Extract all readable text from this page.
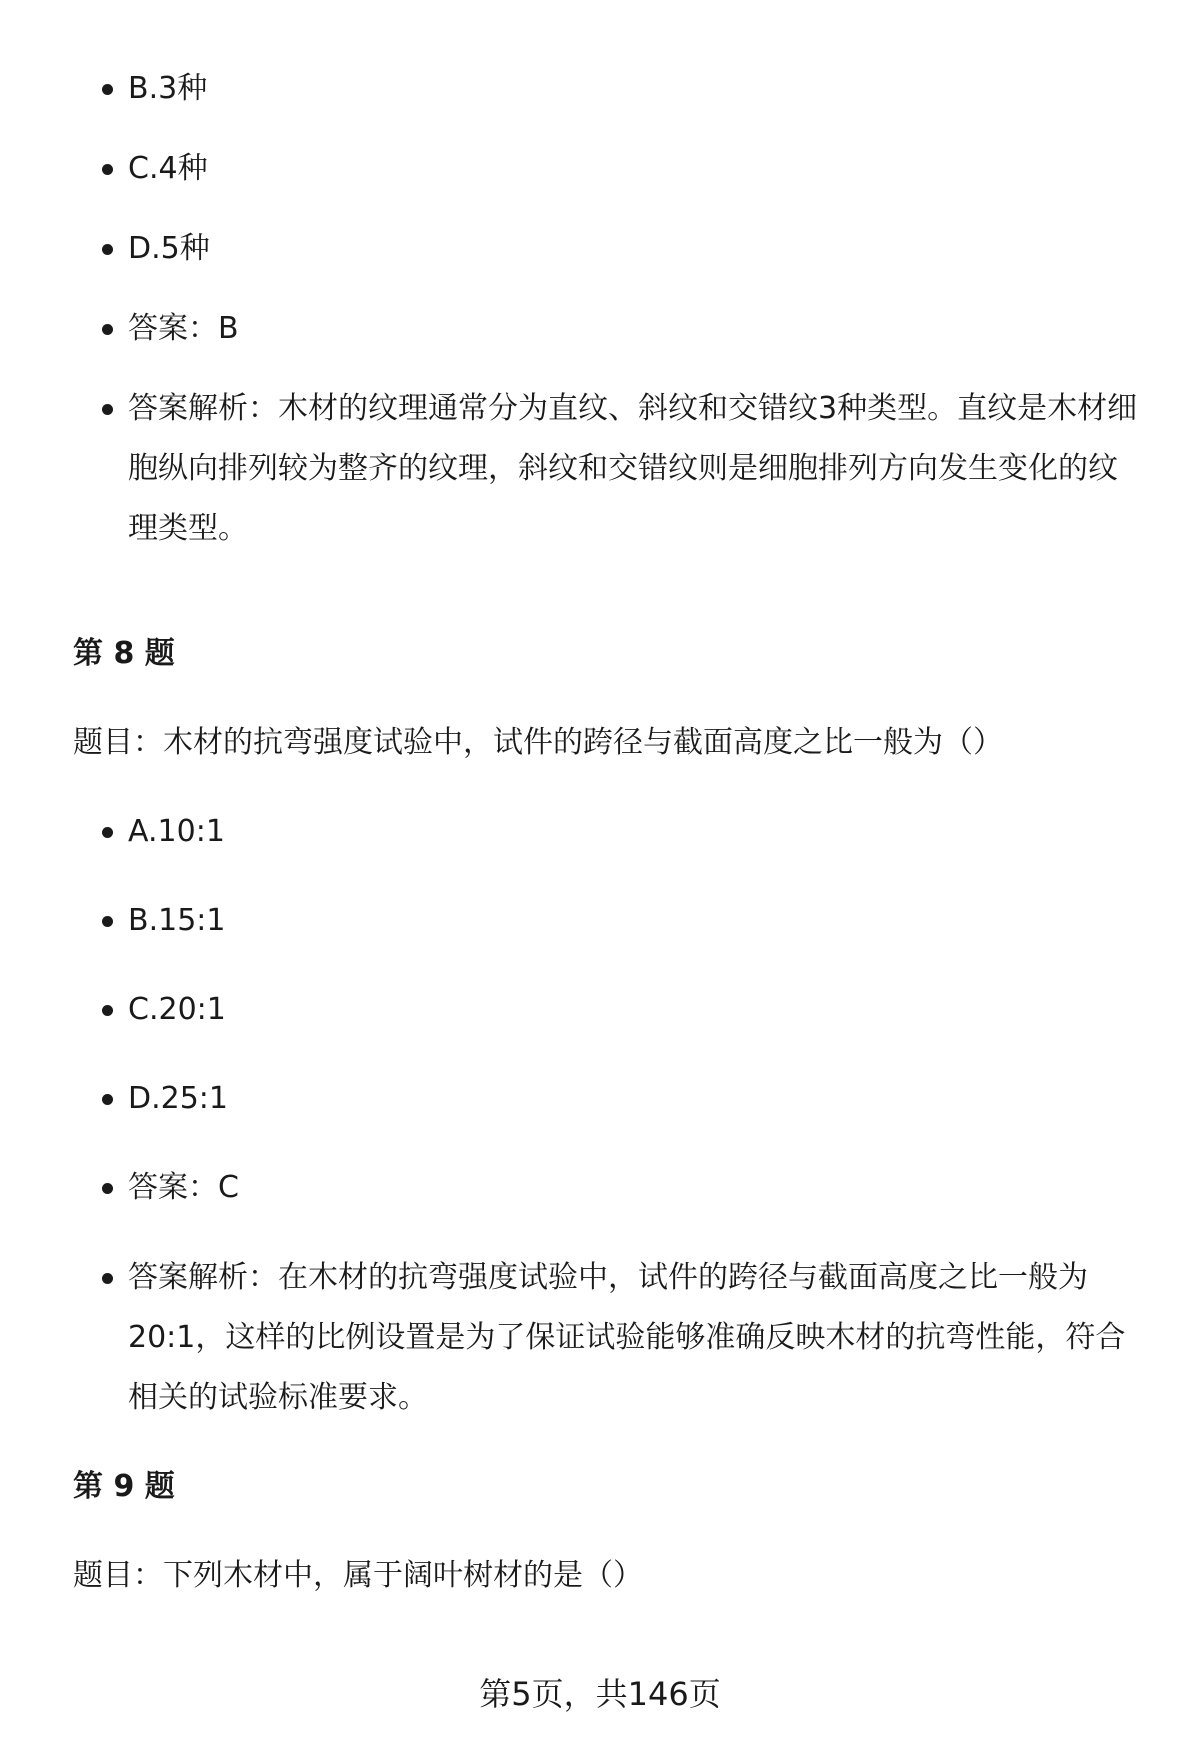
B.3种
C.4种
D.5种
答案：B
答案解析：木材的纹理通常分为直纹、斜纹和交错纹3种类型。直纹是木材细胞纵向排列较为整齐的纹理，斜纹和交错纹则是细胞排列方向发生变化的纹理类型。
第 8 题

题目：木材的抗弯强度试验中，试件的跨径与截面高度之比一般为（）

A.10:1
B.15:1
C.20:1
D.25:1
答案：C
答案解析：在木材的抗弯强度试验中，试件的跨径与截面高度之比一般为20:1，这样的比例设置是为了保证试验能够准确反映木材的抗弯性能，符合相关的试验标准要求。
第 9 题

题目：下列木材中，属于阔叶树材的是（）

第5页，共146页
